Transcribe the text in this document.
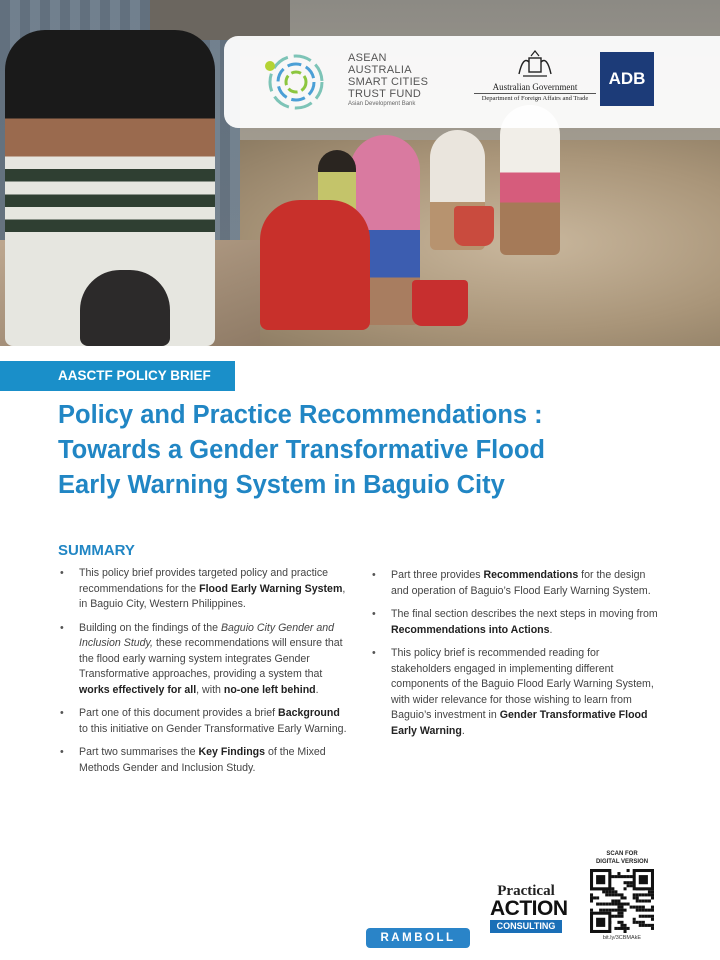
ASEAN
AUSTRALIA
SMART CITIES
TRUST FUND
Asian Development Bank
Australian Government
Department of Foreign Affairs and Trade
ADB
AASCTF POLICY BRIEF
Policy and Practice Recommendations :
Towards a Gender Transformative Flood
Early Warning System in Baguio City
SUMMARY
• This policy brief provides targeted policy and practice recommendations for the Flood Early Warning System, in Baguio City, Western Philippines.
• Building on the findings of the Baguio City Gender and Inclusion Study, these recommendations will ensure that the flood early warning system integrates Gender Transformative approaches, providing a system that works effectively for all, with no-one left behind.
• Part one of this document provides a brief Background to this initiative on Gender Transformative Early Warning.
• Part two summarises the Key Findings of the Mixed Methods Gender and Inclusion Study.
• Part three provides Recommendations for the design and operation of Baguio’s Flood Early Warning System.
• The final section describes the next steps in moving from Recommendations into Actions.
• This policy brief is recommended reading for stakeholders engaged in implementing different components of the Baguio Flood Early Warning System, with wider relevance for those wishing to learn from Baguio’s investment in Gender Transformative Flood Early Warning.
RAMBOLL
Practical
ACTION
CONSULTING
SCAN FOR
DIGITAL VERSION
bit.ly/3CBMAkE
